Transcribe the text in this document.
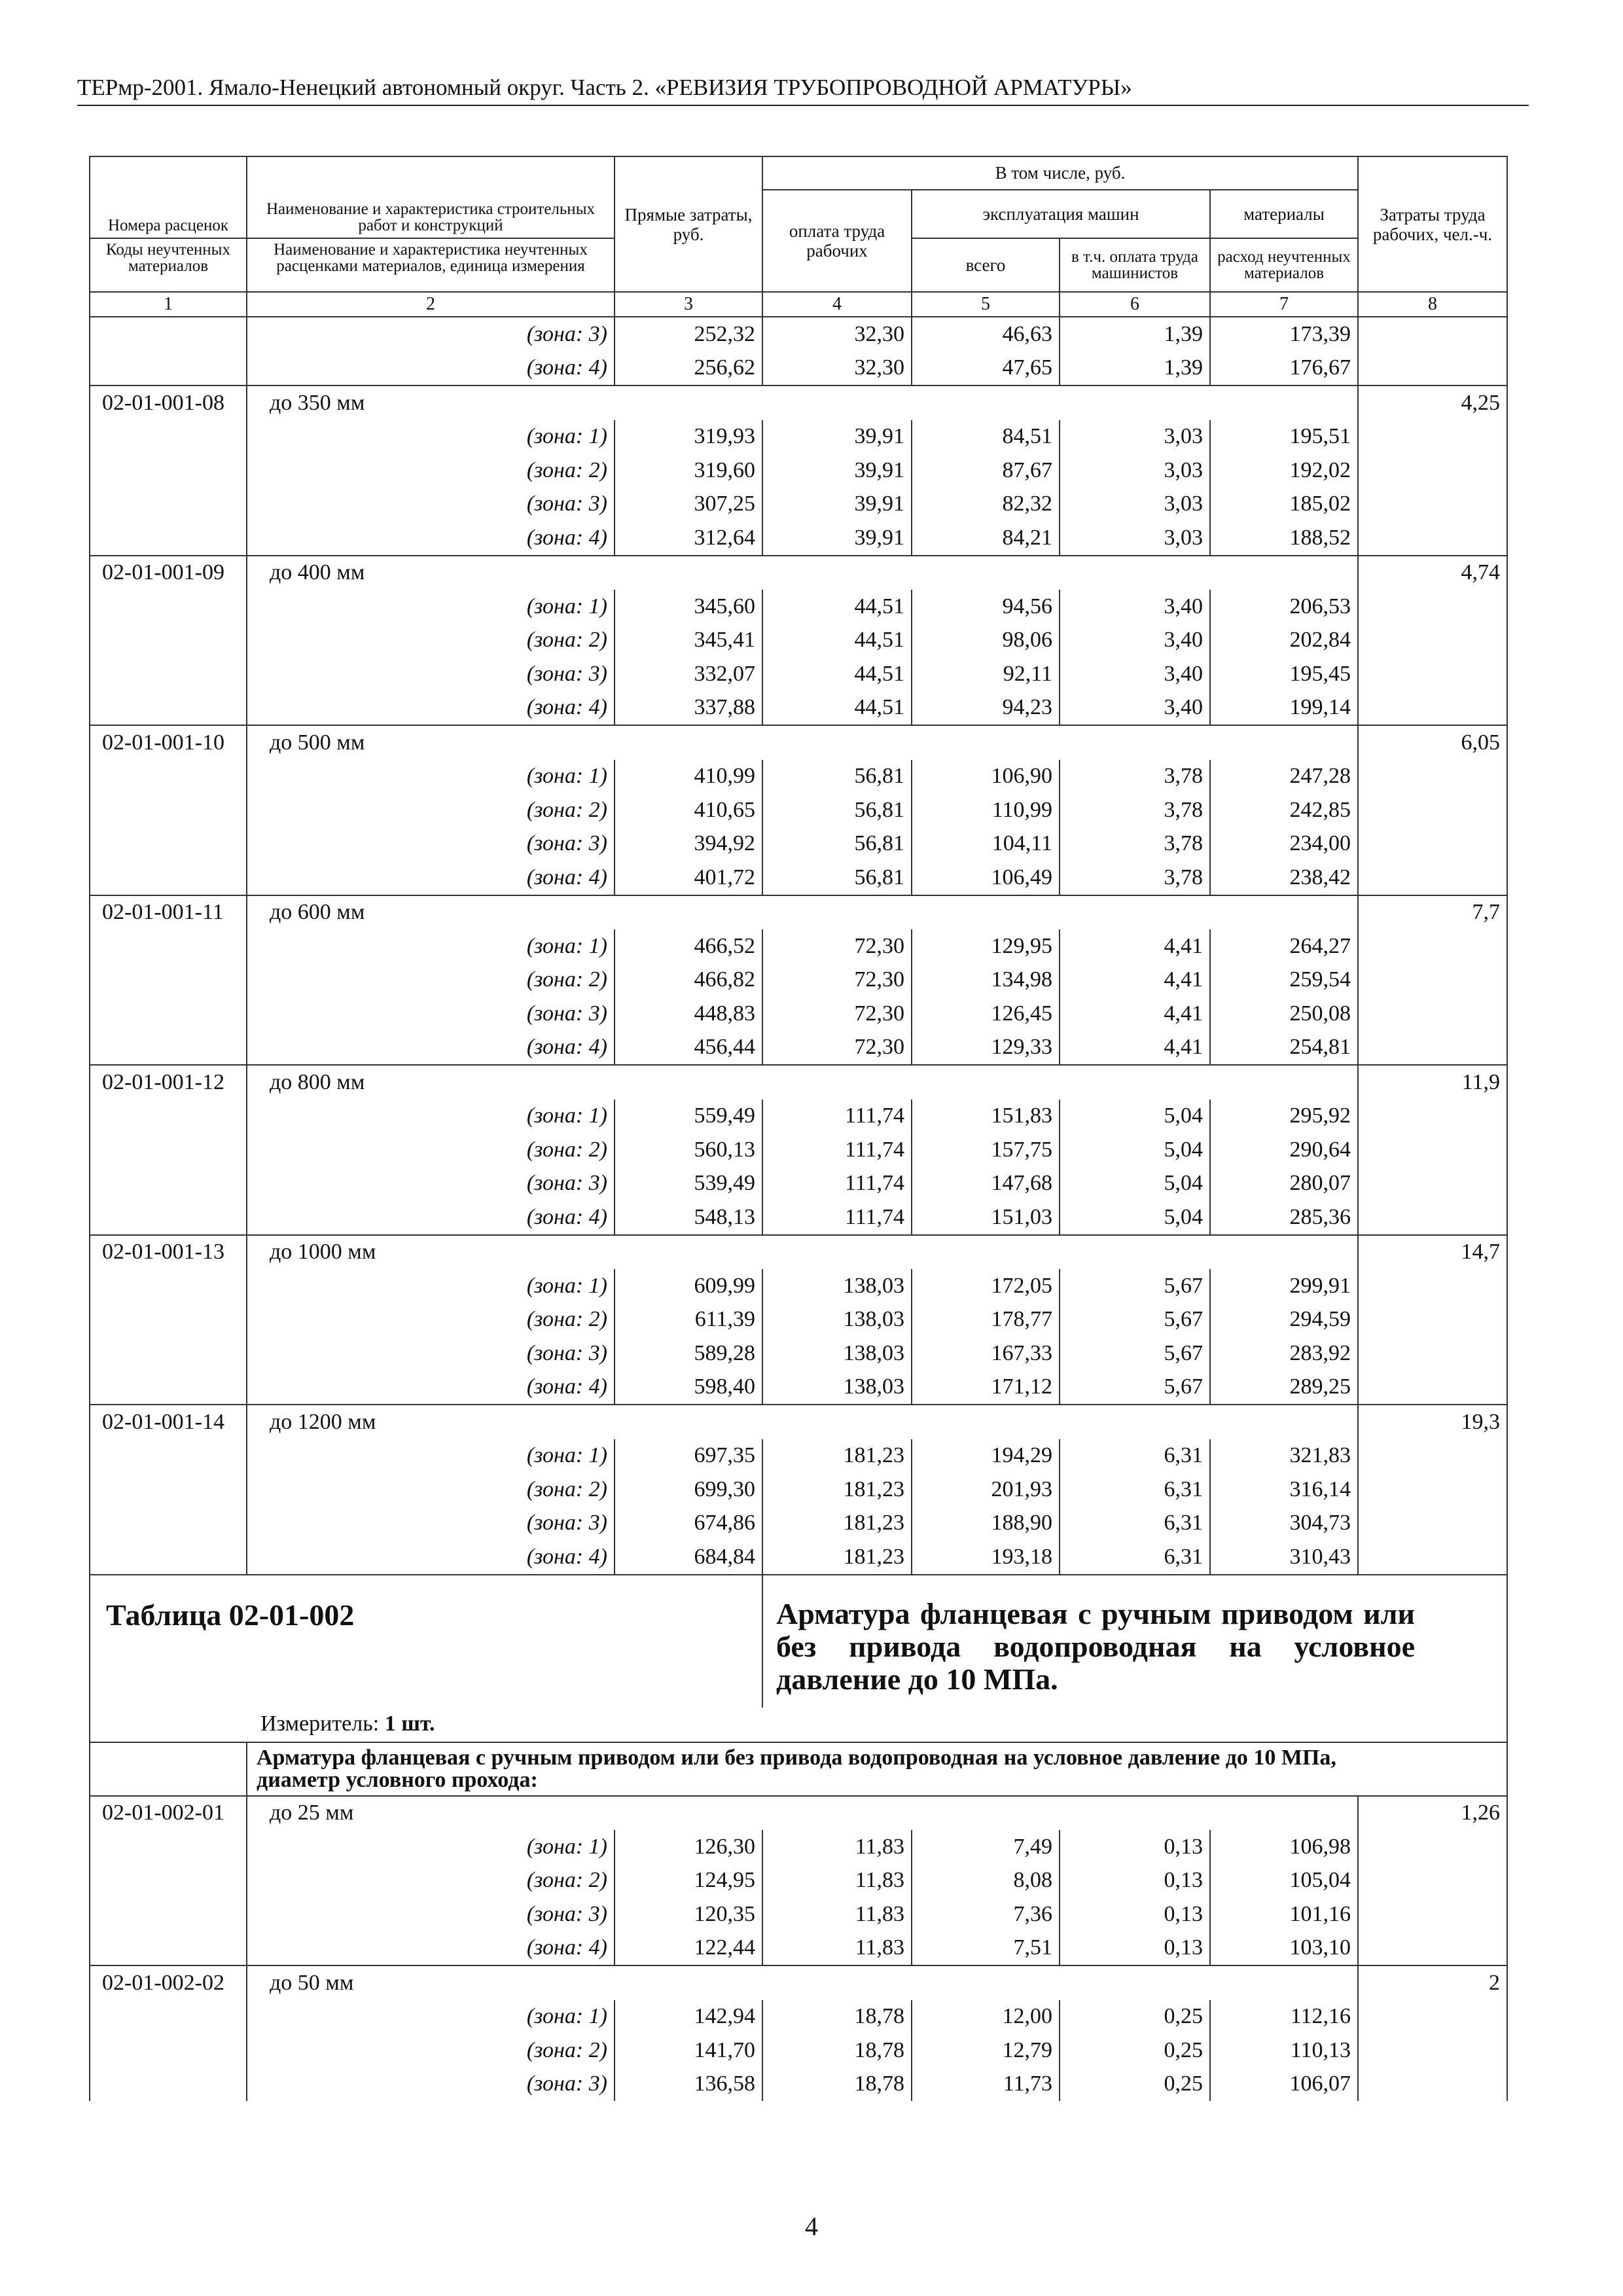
ТЕРмр-2001. Ямало-Ненецкий автономный округ. Часть 2. «РЕВИЗИЯ ТРУБОПРОВОДНОЙ АРМАТУРЫ»
Номера расценок	Наименование и характеристика строительных работ и конструкций	Прямые затраты, руб.	В том числе, руб.				Затраты труда рабочих, чел.-ч.
			оплата труда рабочих	эксплуатация машин		материалы	

Коды неучтенных материалов	Наименование и характеристика неучтенных расценками материалов, единица измерения			всего	в т.ч. оплата труда машинистов	расход неучтенных материалов	

1	2	3	4	5	6	7	8
	(зона: 3)	252,32	32,30	46,63	1,39	173,39	
	(зона: 4)	256,62	32,30	47,65	1,39	176,67	
02-01-001-08	до 350 мм						4,25
	(зона: 1)	319,93	39,91	84,51	3,03	195,51	
	(зона: 2)	319,60	39,91	87,67	3,03	192,02	
	(зона: 3)	307,25	39,91	82,32	3,03	185,02	
	(зона: 4)	312,64	39,91	84,21	3,03	188,52	
02-01-001-09	до 400 мм						4,74
	(зона: 1)	345,60	44,51	94,56	3,40	206,53	
	(зона: 2)	345,41	44,51	98,06	3,40	202,84	
	(зона: 3)	332,07	44,51	92,11	3,40	195,45	
	(зона: 4)	337,88	44,51	94,23	3,40	199,14	
02-01-001-10	до 500 мм						6,05
	(зона: 1)	410,99	56,81	106,90	3,78	247,28	
	(зона: 2)	410,65	56,81	110,99	3,78	242,85	
	(зона: 3)	394,92	56,81	104,11	3,78	234,00	
	(зона: 4)	401,72	56,81	106,49	3,78	238,42	
02-01-001-11	до 600 мм						7,7
	(зона: 1)	466,52	72,30	129,95	4,41	264,27	
	(зона: 2)	466,82	72,30	134,98	4,41	259,54	
	(зона: 3)	448,83	72,30	126,45	4,41	250,08	
	(зона: 4)	456,44	72,30	129,33	4,41	254,81	
02-01-001-12	до 800 мм						11,9
	(зона: 1)	559,49	111,74	151,83	5,04	295,92	
	(зона: 2)	560,13	111,74	157,75	5,04	290,64	
	(зона: 3)	539,49	111,74	147,68	5,04	280,07	
	(зона: 4)	548,13	111,74	151,03	5,04	285,36	
02-01-001-13	до 1000 мм						14,7
	(зона: 1)	609,99	138,03	172,05	5,67	299,91	
	(зона: 2)	611,39	138,03	178,77	5,67	294,59	
	(зона: 3)	589,28	138,03	167,33	5,67	283,92	
	(зона: 4)	598,40	138,03	171,12	5,67	289,25	
02-01-001-14	до 1200 мм						19,3
	(зона: 1)	697,35	181,23	194,29	6,31	321,83	
	(зона: 2)	699,30	181,23	201,93	6,31	316,14	
	(зона: 3)	674,86	181,23	188,90	6,31	304,73	
	(зона: 4)	684,84	181,23	193,18	6,31	310,43	
Таблица 02-01-002			Арматура фланцевая с ручным приводом или без привода водопроводная на условное давление до 10 МПа.				
Измеритель: 1 шт.							
	Арматура фланцевая с ручным приводом или без привода водопроводная на условное давление до 10 МПа, диаметр условного прохода:						
02-01-002-01	до 25 мм						1,26
	(зона: 1)	126,30	11,83	7,49	0,13	106,98	
	(зона: 2)	124,95	11,83	8,08	0,13	105,04	
	(зона: 3)	120,35	11,83	7,36	0,13	101,16	
	(зона: 4)	122,44	11,83	7,51	0,13	103,10	
02-01-002-02	до 50 мм						2
	(зона: 1)	142,94	18,78	12,00	0,25	112,16	
	(зона: 2)	141,70	18,78	12,79	0,25	110,13	
	(зона: 3)	136,58	18,78	11,73	0,25	106,07	
4
